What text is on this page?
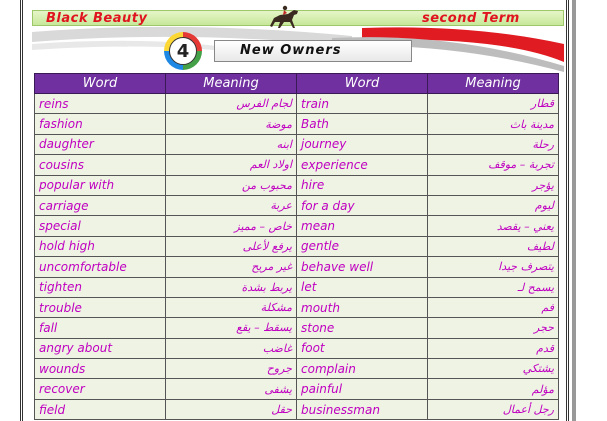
Black Beauty	second Term
4	New Owners
Word	Meaning	Word	Meaning
reins	لجام الفرس	train	قطار
fashion	موضة	Bath	مدينة باث
daughter	ابنه	journey	رحلة
cousins	اولاد العم	experience	تجربة – موقف
popular with	محبوب من	hire	يؤجر
carriage	عربة	for a day	ليوم
special	خاص – مميز	mean	يعني – يقصد
hold high	يرفع لأعلى	gentle	لطيف
uncomfortable	غير مريح	behave well	يتصرف جيدا
tighten	يربط بشدة	let	يسمح لـ
trouble	مشكلة	mouth	فم
fall	يسقط – يقع	stone	حجر
angry about	غاضب	foot	قدم
wounds	جروح	complain	يشتكي
recover	يشفى	painful	مؤلم
field	حقل	businessman	رجل أعمال
